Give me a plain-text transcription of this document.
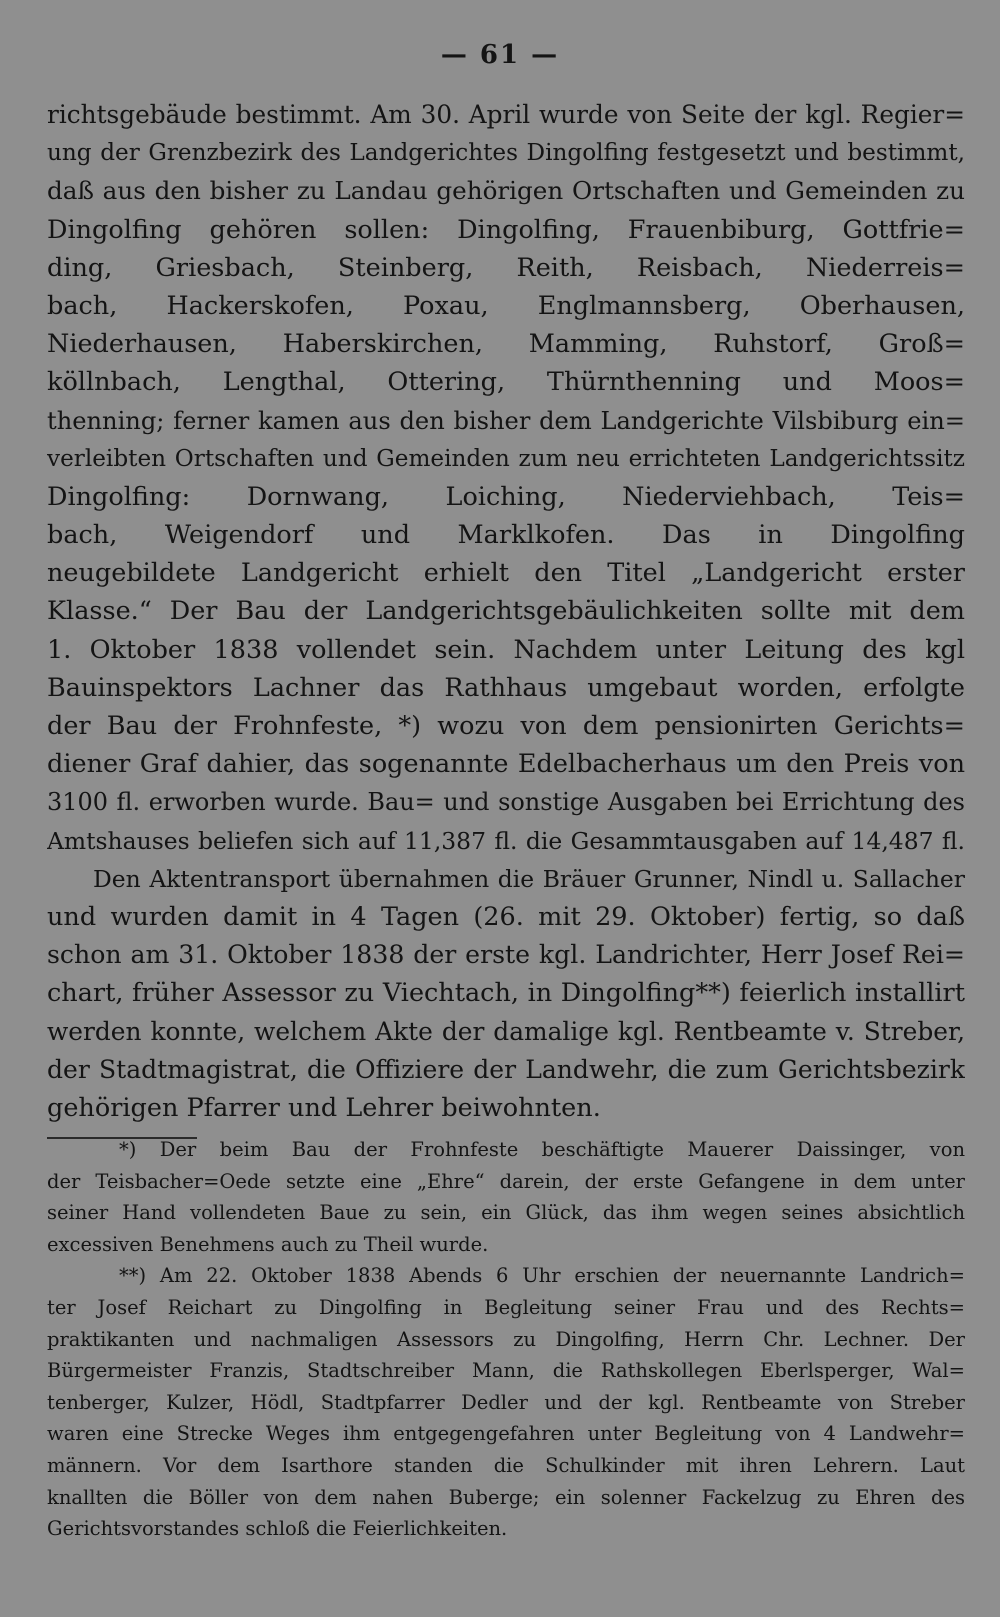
— 61 —
richtsgebäude bestimmt. Am 30. April wurde von Seite der kgl. Regier=
ung der Grenzbezirk des Landgerichtes Dingolfing festgesetzt und bestimmt,
daß aus den bisher zu Landau gehörigen Ortschaften und Gemeinden zu
Dingolfing gehören sollen: Dingolfing, Frauenbiburg, Gottfrie=
ding, Griesbach, Steinberg, Reith, Reisbach, Niederreis=
bach, Hackerskofen, Poxau, Englmannsberg, Oberhausen,
Niederhausen, Haberskirchen, Mamming, Ruhstorf, Groß=
köllnbach, Lengthal, Ottering, Thürnthenning und Moos=
thenning; ferner kamen aus den bisher dem Landgerichte Vilsbiburg ein=
verleibten Ortschaften und Gemeinden zum neu errichteten Landgerichtssitz
Dingolfing: Dornwang, Loiching, Niederviehbach, Teis=
bach, Weigendorf und Marklkofen. Das in Dingolfing
neugebildete Landgericht erhielt den Titel „Landgericht erster
Klasse.“ Der Bau der Landgerichtsgebäulichkeiten sollte mit dem
1. Oktober 1838 vollendet sein. Nachdem unter Leitung des kgl
Bauinspektors Lachner das Rathhaus umgebaut worden, erfolgte
der Bau der Frohnfeste, *) wozu von dem pensionirten Gerichts=
diener Graf dahier, das sogenannte Edelbacherhaus um den Preis von
3100 fl. erworben wurde. Bau= und sonstige Ausgaben bei Errichtung des
Amtshauses beliefen sich auf 11,387 fl. die Gesammtausgaben auf 14,487 fl.
Den Aktentransport übernahmen die Bräuer Grunner, Nindl u. Sallacher
und wurden damit in 4 Tagen (26. mit 29. Oktober) fertig, so daß
schon am 31. Oktober 1838 der erste kgl. Landrichter, Herr Josef Rei=
chart, früher Assessor zu Viechtach, in Dingolfing**) feierlich installirt
werden konnte, welchem Akte der damalige kgl. Rentbeamte v. Streber,
der Stadtmagistrat, die Offiziere der Landwehr, die zum Gerichtsbezirk
gehörigen Pfarrer und Lehrer beiwohnten.
*) Der beim Bau der Frohnfeste beschäftigte Mauerer Daissinger, von
der Teisbacher=Oede setzte eine „Ehre“ darein, der erste Gefangene in dem unter
seiner Hand vollendeten Baue zu sein, ein Glück, das ihm wegen seines absichtlich
excessiven Benehmens auch zu Theil wurde.
**) Am 22. Oktober 1838 Abends 6 Uhr erschien der neuernannte Landrich=
ter Josef Reichart zu Dingolfing in Begleitung seiner Frau und des Rechts=
praktikanten und nachmaligen Assessors zu Dingolfing, Herrn Chr. Lechner. Der
Bürgermeister Franzis, Stadtschreiber Mann, die Rathskollegen Eberlsperger, Wal=
tenberger, Kulzer, Hödl, Stadtpfarrer Dedler und der kgl. Rentbeamte von Streber
waren eine Strecke Weges ihm entgegengefahren unter Begleitung von 4 Landwehr=
männern. Vor dem Isarthore standen die Schulkinder mit ihren Lehrern. Laut
knallten die Böller von dem nahen Buberge; ein solenner Fackelzug zu Ehren des
Gerichtsvorstandes schloß die Feierlichkeiten.
